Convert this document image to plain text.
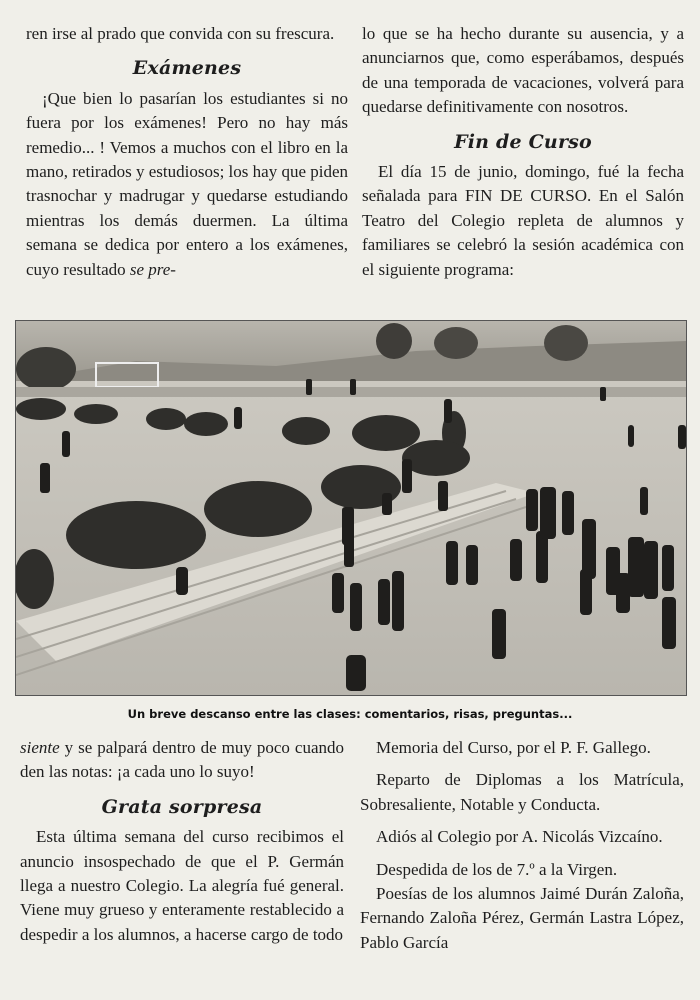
ren irse al prado que convida con su frescura.

Exámenes

¡Que bien lo pasarían los estudiantes si no fuera por los exámenes! Pero no hay más remedio... ! Vemos a muchos con el libro en la mano, retirados y estudiosos; los hay que piden trasnochar y madrugar y quedarse estudiando mientras los demás duermen. La última semana se dedica por entero a los exámenes, cuyo resultado se pre-

lo que se ha hecho durante su ausencia, y a anunciarnos que, como esperábamos, después de una temporada de vacaciones, volverá para quedarse definitivamente con nosotros.

Fin de Curso

El día 15 de junio, domingo, fué la fecha señalada para FIN DE CURSO. En el Salón Teatro del Colegio repleta de alumnos y familiares se celebró la sesión académica con el siguiente programa:

Un breve descanso entre las clases: comentarios, risas, preguntas...

siente y se palpará dentro de muy poco cuando den las notas: ¡a cada uno lo suyo!

Grata sorpresa

Esta última semana del curso recibimos el anuncio insospechado de que el P. Germán llega a nuestro Colegio. La alegría fué general. Viene muy grueso y enteramente restablecido a despedir a los alumnos, a hacerse cargo de todo

Memoria del Curso, por el P. F. Gallego.

Reparto de Diplomas a los Matrícula, Sobresaliente, Notable y Conducta.

Adiós al Colegio por A. Nicolás Vizcaíno.

Despedida de los de 7.º a la Virgen.

Poesías de los alumnos Jaimé Durán Zaloña, Fernando Zaloña Pérez, Germán Lastra López, Pablo García
